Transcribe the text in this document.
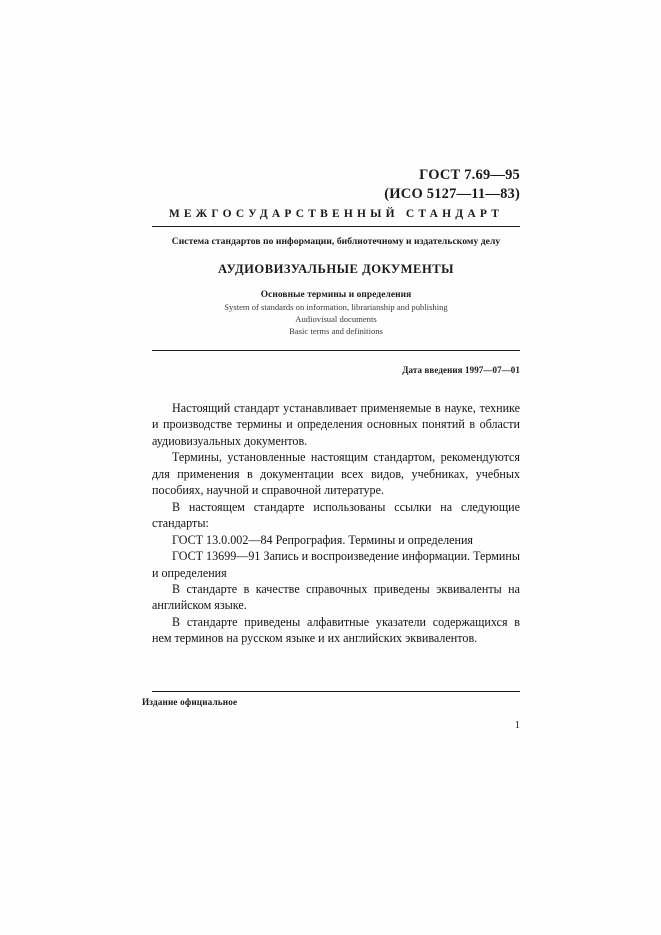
ГОСТ 7.69—95
(ИСО 5127—11—83)
МЕЖГОСУДАРСТВЕННЫЙ СТАНДАРТ
Система стандартов по информации, библиотечному и издательскому делу
АУДИОВИЗУАЛЬНЫЕ ДОКУМЕНТЫ
Основные термины и определения
System of standards on information, librarianship and publishing
Audiovisual documents
Basic terms and definitions
Дата введения 1997—07—01

Настоящий стандарт устанавливает применяемые в науке, технике и производстве термины и определения основных понятий в области аудиовизуальных документов.

Термины, установленные настоящим стандартом, рекомендуются для применения в документации всех видов, учебниках, учебных пособиях, научной и справочной литературе.

В настоящем стандарте использованы ссылки на следующие стандарты:

ГОСТ 13.0.002—84 Репрография. Термины и определения

ГОСТ 13699—91 Запись и воспроизведение информации. Термины и определения

В стандарте в качестве справочных приведены эквиваленты на английском языке.

В стандарте приведены алфавитные указатели содержащихся в нем терминов на русском языке и их английских эквивалентов.

Издание официальное
1
